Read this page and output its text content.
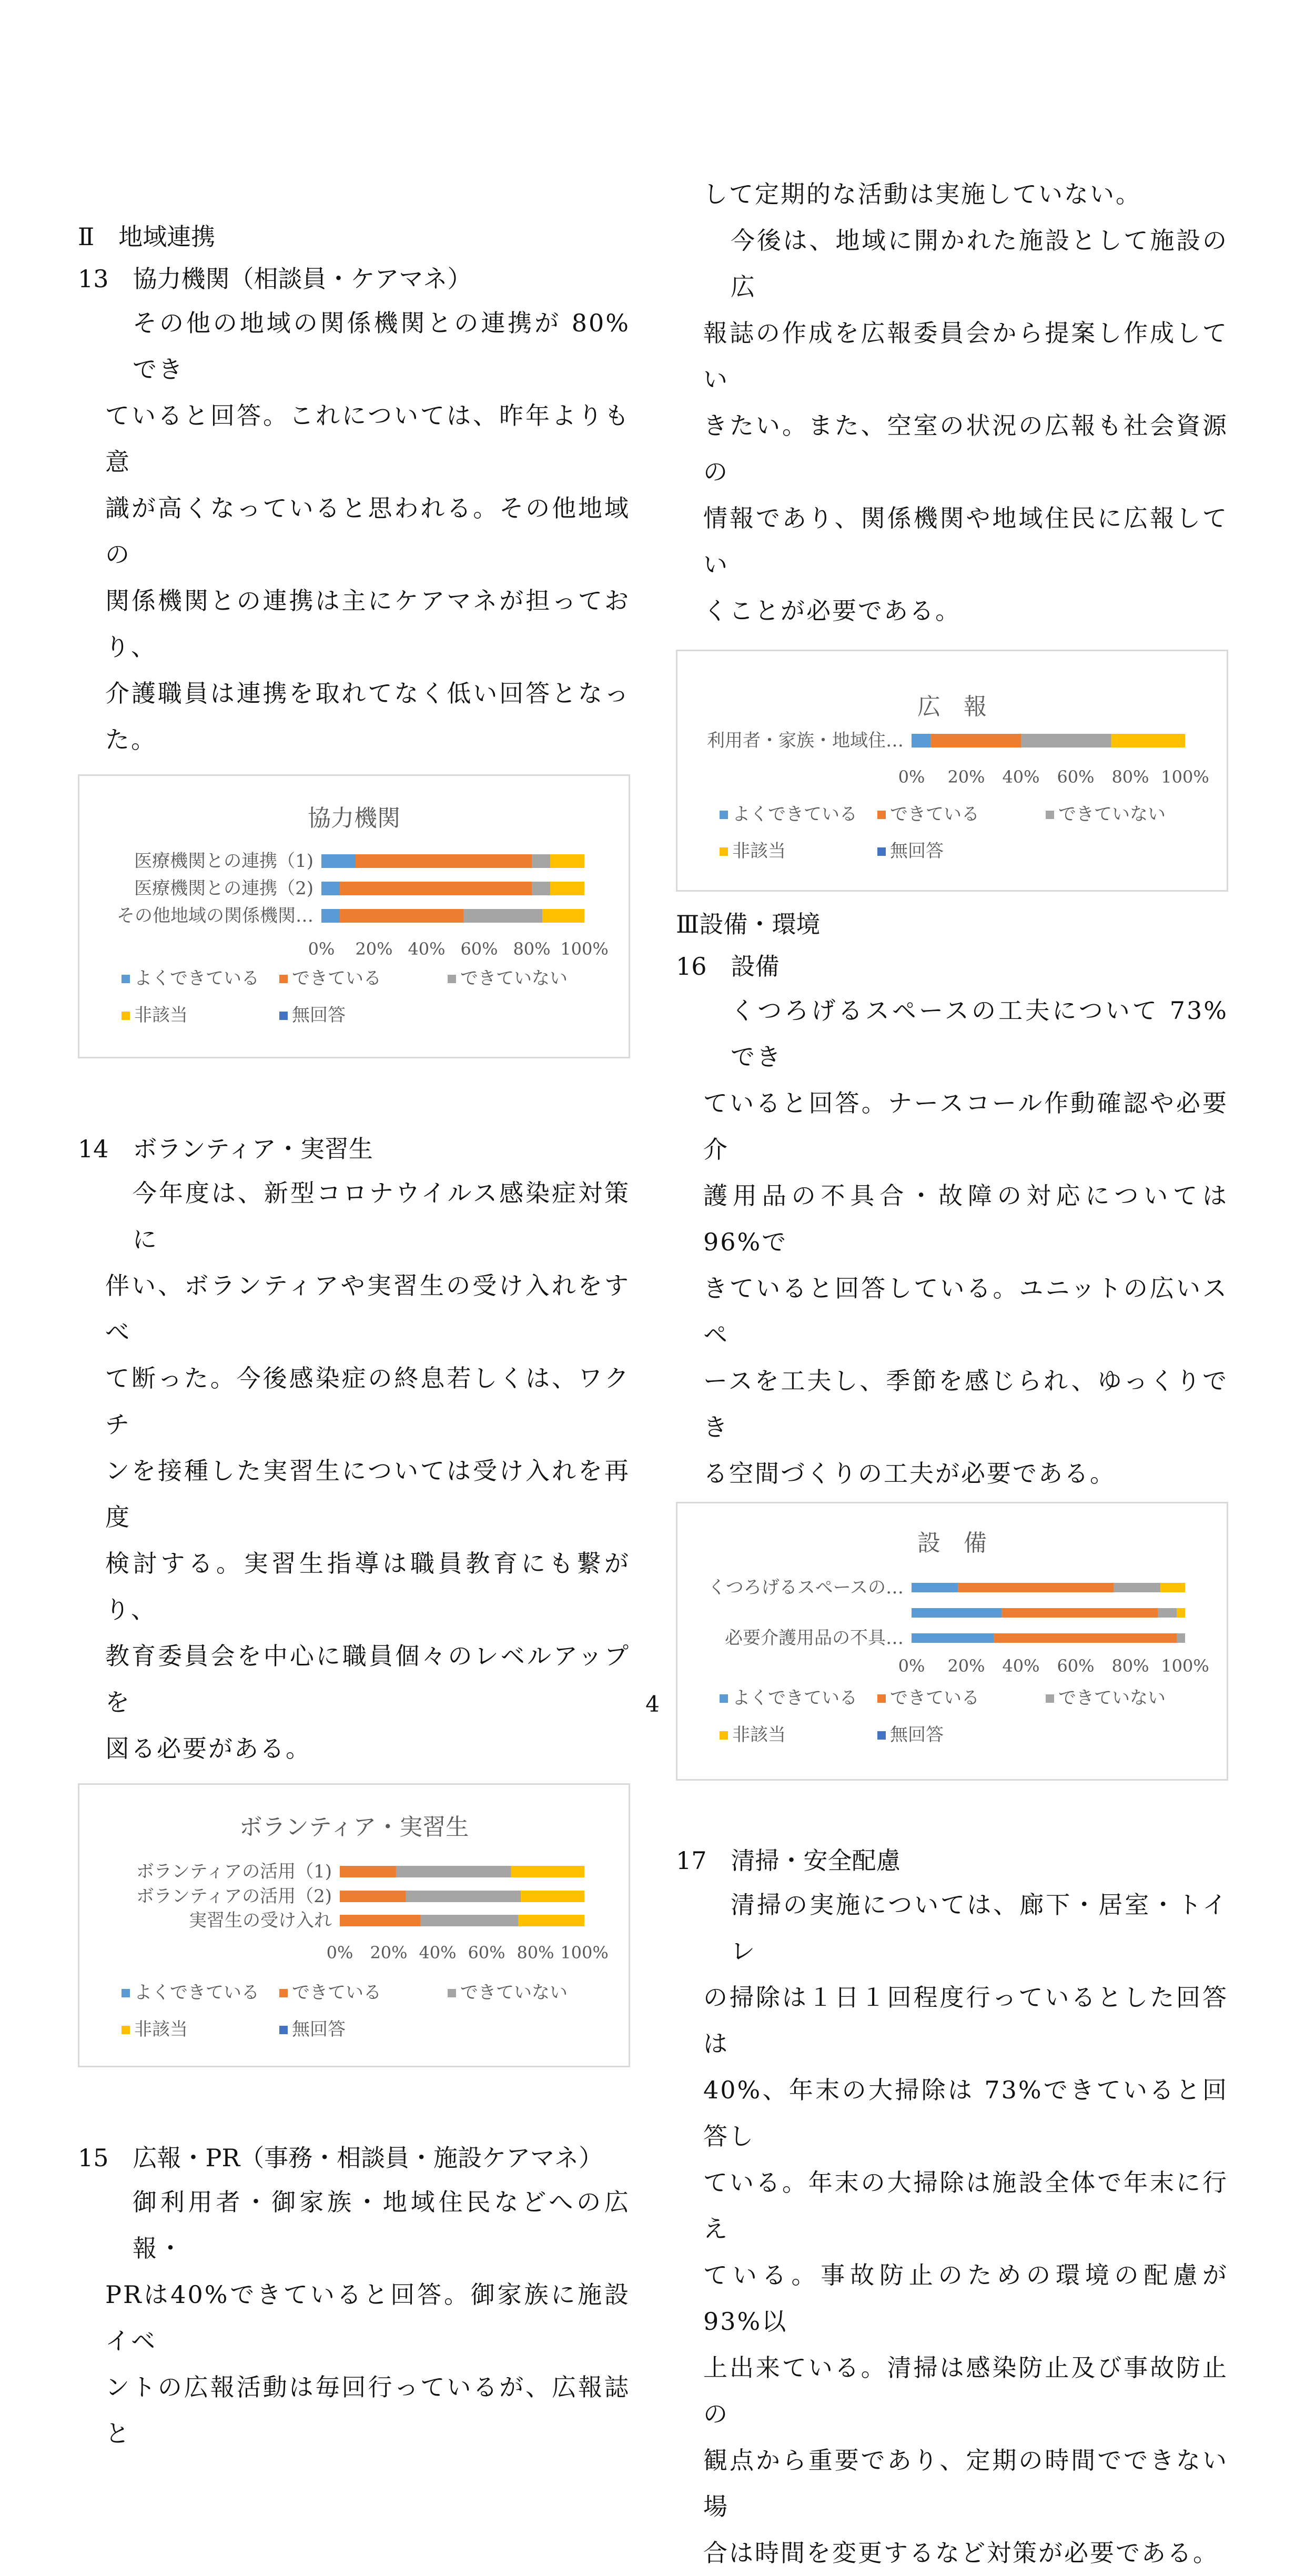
Ⅱ　地域連携

13　協力機関（相談員・ケアマネ）

その他の地域の関係機関との連携が 80%でき
ていると回答。これについては、昨年よりも意
識が高くなっていると思われる。その他地域の
関係機関との連携は主にケアマネが担っており、
介護職員は連携を取れてなく低い回答となった。

協力機関
医療機関との連携（1)
医療機関との連携（2)
その他地域の関係機関…
0% 20% 40% 60% 80% 100%
よくできている できている	できていない
非該当	無回答

14　ボランティア・実習生

今年度は、新型コロナウイルス感染症対策に
伴い、ボランティアや実習生の受け入れをすべ
て断った。今後感染症の終息若しくは、ワクチ
ンを接種した実習生については受け入れを再度
検討する。実習生指導は職員教育にも繋がり、
教育委員会を中心に職員個々のレベルアップを
図る必要がある。

ボランティア・実習生
ボランティアの活用（1)
ボランティアの活用（2)
実習生の受け入れ
0% 20% 40% 60% 80% 100%
よくできている できている	できていない
非該当	無回答

15　広報・PR（事務・相談員・施設ケアマネ）

御利用者・御家族・地域住民などへの広報・
PRは40%できていると回答。御家族に施設イベ
ントの広報活動は毎回行っているが、広報誌と

して定期的な活動は実施していない。

今後は、地域に開かれた施設として施設の広
報誌の作成を広報委員会から提案し作成してい
きたい。また、空室の状況の広報も社会資源の
情報であり、関係機関や地域住民に広報してい
くことが必要である。

広　報
利用者・家族・地域住…
0% 20% 40% 60% 80% 100%
よくできている できている	できていない
非該当	無回答

Ⅲ設備・環境

16　設備

くつろげるスペースの工夫について 73%でき
ていると回答。ナースコール作動確認や必要介
護用品の不具合・故障の対応については 96%で
きていると回答している。ユニットの広いスペ
ースを工夫し、季節を感じられ、ゆっくりでき
る空間づくりの工夫が必要である。

設　備
くつろげるスペースの…
必要介護用品の不具…
0% 20% 40% 60% 80% 100%
よくできている できている	できていない
非該当	無回答

17　清掃・安全配慮

清掃の実施については、廊下・居室・トイレ
の掃除は１日１回程度行っているとした回答は
40%、年末の大掃除は 73%できていると回答し
ている。年末の大掃除は施設全体で年末に行え
ている。事故防止のための環境の配慮が 93%以
上出来ている。清掃は感染防止及び事故防止の
観点から重要であり、定期の時間でできない場
合は時間を変更するなど対策が必要である。

4
